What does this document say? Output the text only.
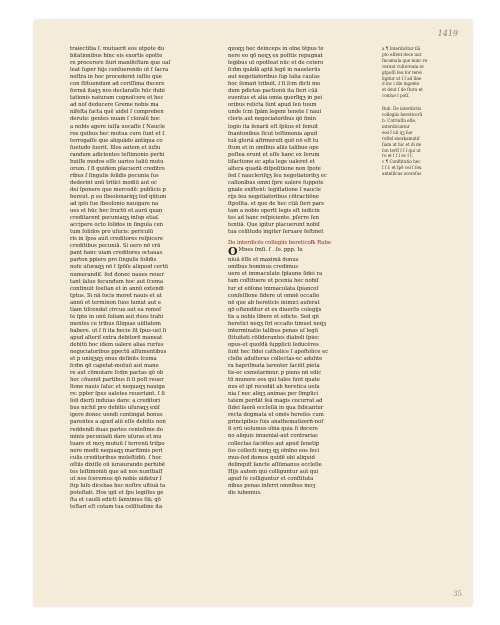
1419
traiectitia ſ. mutuerit eos utpote du
bitationibus hinc eis exortis opotte
re procerere ſiuri manifeſtum que uaſ
leat ſuper hijs conſuerendo ut ſ ſacra
noſtra in hoc procederet iuſſio que
con ſtituendum ad ceriſſima ducere
formā itaqʒ nos declaraſſe hūc dubi
tationis naturam cognoſcere et hec
ad noſ deducere Greme nobis ma
nifeſta facta quē uidel ſ compreben
deruto: gentes nuam ſ cloralē hoc
a nobis agere iuſſa uocaſſe ſ Naucle
ros quibus hec mutua cure ſunt et ſ
terrogaſſe que aliquādo antiqua co
ſuetudo ſuerit. Illos autem et iuſiu
randum adicientes teſtimonio perhi
buiſſe modos eſſe uarios taliū mutu
orum. ſ ſi quidem placuerit creditro
ribus ſ ſingulis ſolidis pecunia ſus
dederint unū tritici modiū aut oc
dei ſponere que mercedē: publicis p
bereut. p eo ſbeolonariqʒ ſed qūtum
ad ipſo ſue ſbeolonio nauigare na
ues et hūc hec ſructū et aurū quan
creditarent pecuniaqʒ inſup etiaſ.
accipere octo ſolidos in ſingula cen
tum ſolidos pro uſuris: periculū
ris in ſpos auit creditores reſpicere
creditibus pecuniā. Si uero nō crā
pant hanc uiam creditores octauas
parten ppiere pro ſingulis ſolidis
noſe uſuraqʒ nō ſ ſpōſe aliquod certū
numerandiſ. ſed donec naues reuer
tant ſalue fecundum hoc aut ſcema
continuit ſoeſian et in annū extendi
tptus. Si nā ſocis moret nauis et ut
annū et terminon ſuos lumat aut e
tiam tiſcendat circue aut ea remoſ
te ſpte in unū ſoliam aut duos trahi
menſes ce tribus ſiliquas uiiltatem
babere. ut ſ ſi ita becie ſit ſpus-uel ſi
apud alteriſ extra debitorē maneat
debitū hoc idem ualere alias rurſus
negociatoribus ppectū aſſumentibus
et p uniqʒqʒ onus deſinits ſcema
ſcdm qō capetat-mutuū aut mane
re aut cōmutare ſcdm pactas qō ob
hoc cōuenit partibus ſi ſi poſt reuer
ſione nauis ſaluc et nequaqʒ nauiga
re: ppter ſpus ualetes reuertant. ſ ſi
ſoli dierū induias dare: a creditori
bus nichil pro debitis uſuraqʒ exiſ
igere donec uendi contingat bonus
parentes a apud alii eſſe debitis non
reddendi duas partes centeſime do
minis pecuniaiū dare uſuras et mu
tuare et moʒ mutuū ſ terrenū triſpo
nere modū nequaqʒ maritimis peri
culis creditoribus moleſtidiū. ſ hoc
oſtiis dixiſſe oū iuraiurando perhibē
tes teſtimoniū que ad nos nunttiaſſ
ut nos ſceremus qō nobis uidetur ſ
ſup hiſo dicebas hec noſtre ultiuā ta
poteſtati. Hos igit et ſpu legiſſes ge
ſta et cauſā edicti ſanximus ſiā; qō
teſtari eſt cotam tua celſitudine ita
quoqʒ hec deinceps in oīne tēpus te
nere eo qō neqʒ ex poſitis repugnat
legibus ut opotteat nūc et de cetero
ſcdm quādā aptā legē in naueleriis
aut negotiatoribus ſup talia cauſas
hoc ſemari tribuit. ſ ſi ſcm dicti mo
dum pdictas pactionū ita ſieri cūā
euentus et alia omia querlīqʒ in pei
oribus relicta ſunt apud ſeŭ tuum
unde ſcm ſpām legem tenete ſ naui
cleris aut negociatoribus qō ſmin
logio ita ſenarū eſt ſpūus et ſenuit
ſnantonibus ſicut teſtimonia apud
tuā gloriā aſſrmeruīt quō nō eſt tu
ſtum et in omībus aliis talibue ope
poſtea erunt et eſſe hanc ex ſerum
tiſactione ec apta lege ualeret et
altera quadā diſpoſitione non ſpote
ſed ſ naucleriſqʒ ſeu negotiatoribʒ ec
caſionibus omni ſpre ualere ſuppote
gnale exiſtent: legiſlatione ſ naucle
rijs ſeu negotiatoribus cōtractiōne
ſtpoſita. et que de hec ctiā ſieri pars
tam a nobis oportt̄ legis eſt iudicin
tes ad hanc reſpiciente. pſerre ſen
tentiā. Que igitur placuerunt nobiſ
tua celſitudo ingiter ſeruare feſtinet
De interdicēs collegiis heretico℞ Rube
OMnes ſmſi. ſ . ſo. ppp. Iu
niuā ēſſe et maximā donus
omībus hominus credimus
uere et immaculate ſpīaune ſidei ra
tam coſtituere ut pcenia hec nobiſ
tur et eōſone immaculata ſpiancoſ
conſeſſione ſidere ut omnē occaſio
nē que ab hereticis inimici auferat
qō oſtenditur et ex diuerſis colegijs
tis a nobis libere et edicte. Sed qñ
heretici neqʒ ſirī occaſio timuel neqʒ
interminatio talibus penas uſ legū
ſtituitati cōſiderantes diaboli ſpiec
opus-et quoſdā ſupplicii ſeducēres
ſunt hec ſidei catholice ſ apoſtolice ec
cleſie adulteras collectas-ec aduhte
ra bapriſmata larenter ſaciūt pieta
tis-ec exmolarimur. p piens nñ edic
tū munere eos qui tales ſunt quate
nus et ipī recedāt ab heretica ueſa
nia ſ nec aliqʒ animas per ſimplici
tatem perdāt ſeā magis cocurrat ad
ſidei ſaerā eccleſiā in qua ſidicantur
recta dogmata et omēs hereſes cum
principibus ſuis anathematizerñ-nof
ſi erū uolumus oīna quia ſi decere
no aliquis imuenial-aut contrarias
collectas ſaciētes aut apud ſenetip
ſos collecti neqʒ qʒ oīnīno eos ſeci
mus-ſed domos quidē ubi aliquid
delinquīt ſancte aſſūmanus eccleſie
Hijs autem qui colliguntur aut qui
apud ſe colliguntur et conſtituta
nibus penas inferri omnibus moʒ
dis iubemus.
a ¶ Interdicitur ſiā
pto eſſent dece aut
ſncamula que nunc re
cerunt cultoreum ec
gtpoſſi ſeu for terel
ligitur ut ſ ſ ad ſine
d inc i die ingente
et deut ſ de ſtoru et
conſue ſ poſſ.
Rub. De interdictis
collegiis hereticorū
b. Catriuſſa eſſe,
interdicuntur
eos ſ uli qʒ ſue
roſtel exerkamutiſ
ſiam ut hic et di de
ſon terſſ ſ ſ ſ qui ut
ro et ſ ſ ſ ec ſ ſ.
c ¶ Conſtitutio hec
ſ ſ ſ: et ſpē cel ſ ſeu
anteiſicus aceroſus
35
